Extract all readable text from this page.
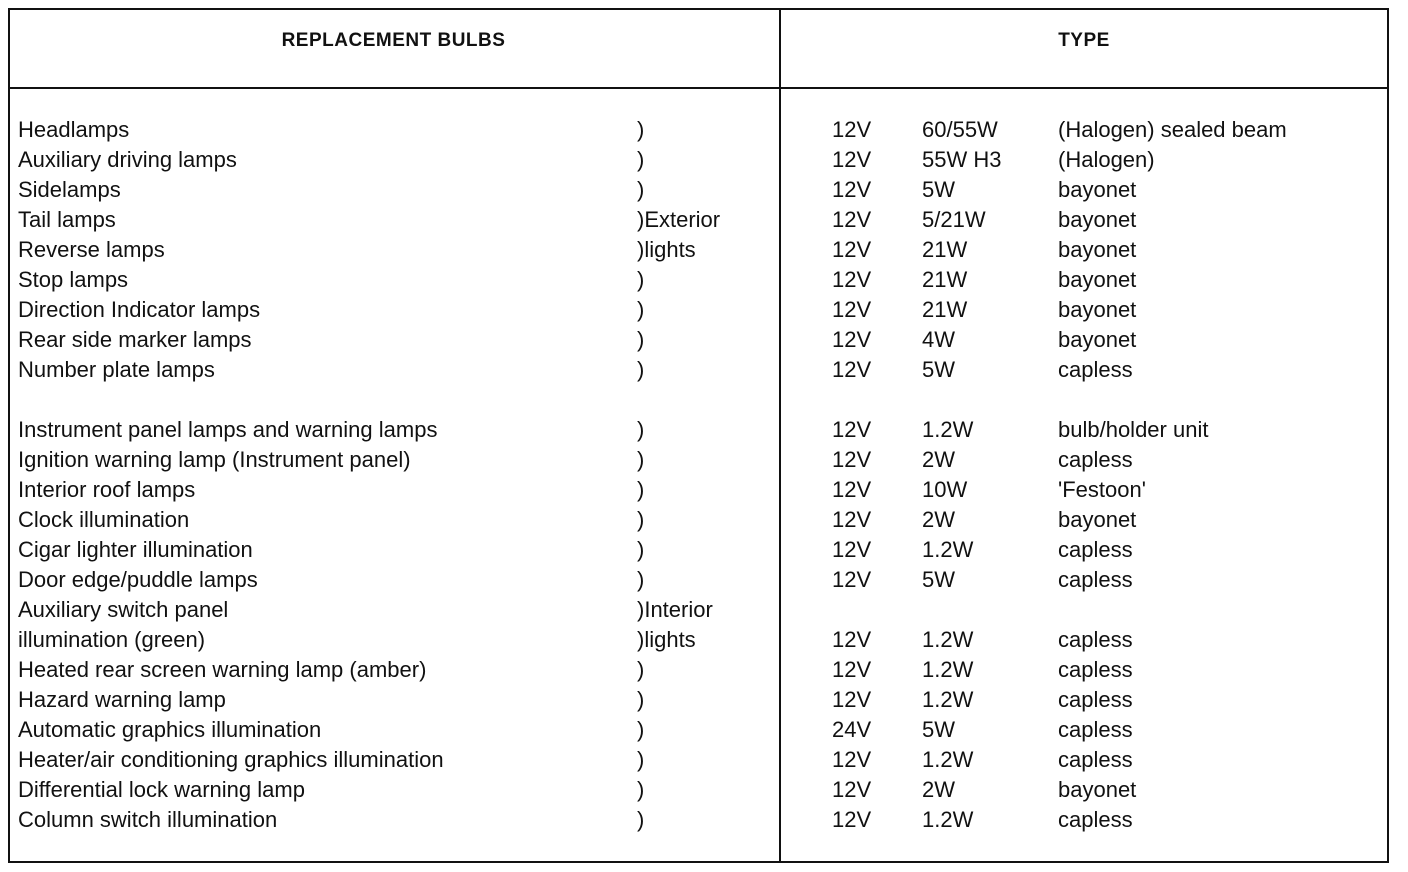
REPLACEMENT BULBS	TYPE
Headlamps	)	12V 60/55W	(Halogen) sealed beam
Auxiliary driving lamps	)	12V 55W H3	(Halogen)
Sidelamps	)	12V 5W	bayonet
Tail lamps	)Exterior	12V 5/21W	bayonet
Reverse lamps	)lights	12V 21W	bayonet
Stop lamps	)	12V 21W	bayonet
Direction Indicator lamps	)	12V 21W	bayonet
Rear side marker lamps	)	12V 4W	bayonet
Number plate lamps	)	12V 5W	capless
Instrument panel lamps and warning lamps	)	12V 1.2W	bulb/holder unit
Ignition warning lamp (Instrument panel)	)	12V 2W	capless
Interior roof lamps	)	12V 10W	'Festoon'
Clock illumination	)	12V 2W	bayonet
Cigar lighter illumination	)	12V 1.2W	capless
Door edge/puddle lamps	)	12V 5W	capless
Auxiliary switch panel	)Interior
illumination (green)	)lights	12V 1.2W	capless
Heated rear screen warning lamp (amber)	)	12V 1.2W	capless
Hazard warning lamp	)	12V 1.2W	capless
Automatic graphics illumination	)	24V 5W	capless
Heater/air conditioning graphics illumination	)	12V 1.2W	capless
Differential lock warning lamp	)	12V 2W	bayonet
Column switch illumination	)	12V 1.2W	capless
